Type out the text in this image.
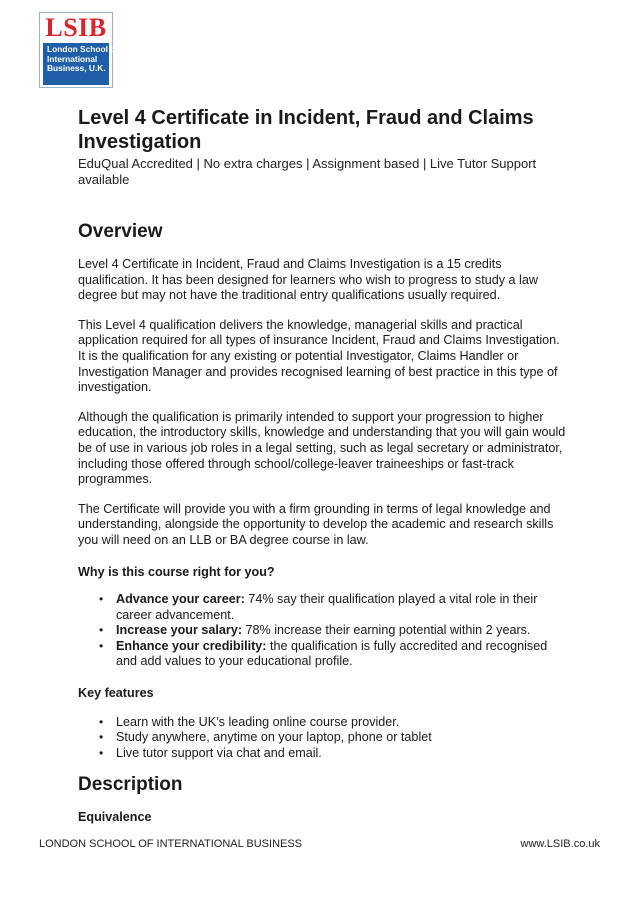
LSIB
London School of
International
Business, U.K.
Level 4 Certificate in Incident, Fraud and Claims Investigation
EduQual Accredited | No extra charges | Assignment based | Live Tutor Support available
Overview

Level 4 Certificate in Incident, Fraud and Claims Investigation is a 15 credits qualification. It has been designed for learners who wish to progress to study a law degree but may not have the traditional entry qualifications usually required.

This Level 4 qualification delivers the knowledge, managerial skills and practical application required for all types of insurance Incident, Fraud and Claims Investigation. It is the qualification for any existing or potential Investigator, Claims Handler or Investigation Manager and provides recognised learning of best practice in this type of investigation.

Although the qualification is primarily intended to support your progression to higher education, the introductory skills, knowledge and understanding that you will gain would be of use in various job roles in a legal setting, such as legal secretary or administrator, including those offered through school/college-leaver traineeships or fast-track programmes.

The Certificate will provide you with a firm grounding in terms of legal knowledge and understanding, alongside the opportunity to develop the academic and research skills you will need on an LLB or BA degree course in law.

Why is this course right for you?

• Advance your career: 74% say their qualification played a vital role in their career advancement.
• Increase your salary: 78% increase their earning potential within 2 years.
• Enhance your credibility: the qualification is fully accredited and recognised and add values to your educational profile.

Key features

• Learn with the UK’s leading online course provider.
• Study anywhere, anytime on your laptop, phone or tablet
• Live tutor support via chat and email.
Description

Equivalence

LONDON SCHOOL OF INTERNATIONAL BUSINESS	www.LSIB.co.uk
